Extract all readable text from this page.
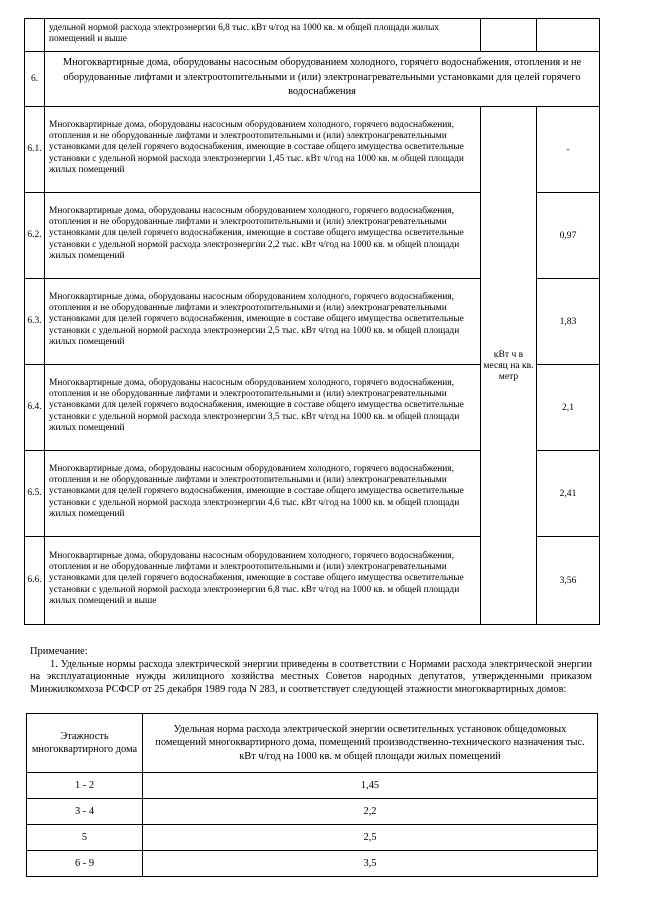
	удельной нормой расхода электроэнергии 6,8 тыс. кВт ч/год на 1000 кв. м общей площади жилых помещений и выше		
6.	Многоквартирные дома, оборудованы насосным оборудованием холодного, горячего водоснабжения, отопления и не оборудованные лифтами и электроотопительными и (или) электронагревательными установками для целей горячего водоснабжения		
6.1.	Многоквартирные дома, оборудованы насосным оборудованием холодного, горячего водоснабжения, отопления и не оборудованные лифтами и электроотопительными и (или) электронагревательными установками для целей горячего водоснабжения, имеющие в составе общего имущества осветительные установки с удельной нормой расхода электроэнергии 1,45 тыс. кВт ч/год на 1000 кв. м общей площади жилых помещений	кВт ч в месяц на кв. метр	-
6.2.	Многоквартирные дома, оборудованы насосным оборудованием холодного, горячего водоснабжения, отопления и не оборудованные лифтами и электроотопительными и (или) электронагревательными установками для целей горячего водоснабжения, имеющие в составе общего имущества осветительные установки с удельной нормой расхода электроэнергии 2,2 тыс. кВт ч/год на 1000 кв. м общей площади жилых помещений		0,97
6.3.	Многоквартирные дома, оборудованы насосным оборудованием холодного, горячего водоснабжения, отопления и не оборудованные лифтами и электроотопительными и (или) электронагревательными установками для целей горячего водоснабжения, имеющие в составе общего имущества осветительные установки с удельной нормой расхода электроэнергии 2,5 тыс. кВт ч/год на 1000 кв. м общей площади жилых помещений		1,83
6.4.	Многоквартирные дома, оборудованы насосным оборудованием холодного, горячего водоснабжения, отопления и не оборудованные лифтами и электроотопительными и (или) электронагревательными установками для целей горячего водоснабжения, имеющие в составе общего имущества осветительные установки с удельной нормой расхода электроэнергии 3,5 тыс. кВт ч/год на 1000 кв. м общей площади жилых помещений		2,1
6.5.	Многоквартирные дома, оборудованы насосным оборудованием холодного, горячего водоснабжения, отопления и не оборудованные лифтами и электроотопительными и (или) электронагревательными установками для целей горячего водоснабжения, имеющие в составе общего имущества осветительные установки с удельной нормой расхода электроэнергии 4,6 тыс. кВт ч/год на 1000 кв. м общей площади жилых помещений		2,41
6.6.	Многоквартирные дома, оборудованы насосным оборудованием холодного, горячего водоснабжения, отопления и не оборудованные лифтами и электроотопительными и (или) электронагревательными установками для целей горячего водоснабжения, имеющие в составе общего имущества осветительные установки с удельной нормой расхода электроэнергии 6,8 тыс. кВт ч/год на 1000 кв. м общей площади жилых помещений и выше		3,56

Примечание:

1. Удельные нормы расхода электрической энергии приведены в соответствии с Нормами расхода электрической энергии на эксплуатационные нужды жилищного хозяйства местных Советов народных депутатов, утвержденными приказом Минжилкомхоза РСФСР от 25 декабря 1989 года N 283, и соответствует следующей этажности многоквартирных домов:

Этажность многоквартирного дома	Удельная норма расхода электрической энергии осветительных установок общедомовых помещений многоквартирного дома, помещений производственно-технического назначения тыс. кВт ч/год на 1000 кв. м общей площади жилых помещений
1 - 2	1,45
3 - 4	2,2
5	2,5
6 - 9	3,5
